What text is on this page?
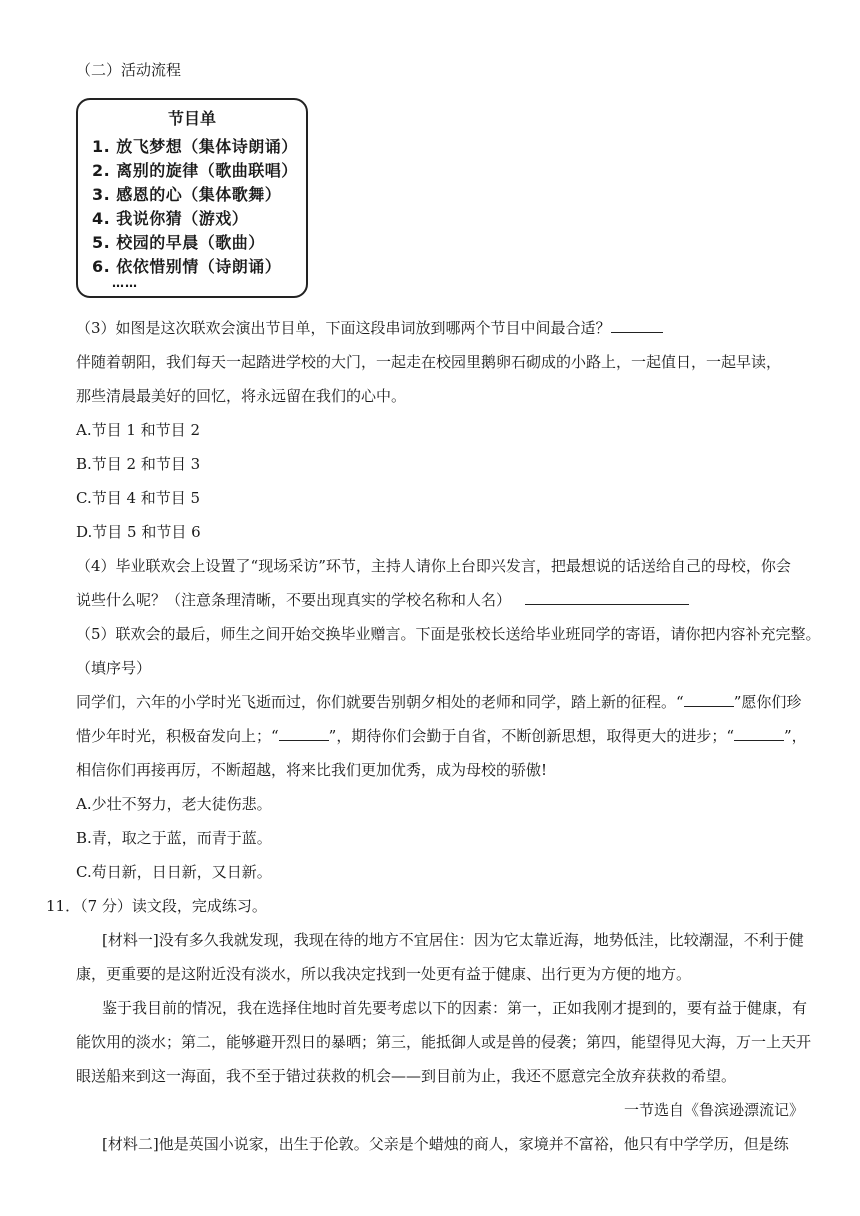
（二）活动流程
节目单
1. 放飞梦想（集体诗朗诵）
2. 离别的旋律（歌曲联唱）
3. 感恩的心（集体歌舞）
4. 我说你猜（游戏）
5. 校园的早晨（歌曲）
6. 依依惜别情（诗朗诵）
……
（3）如图是这次联欢会演出节目单，下面这段串词放到哪两个节目中间最合适？
伴随着朝阳，我们每天一起踏进学校的大门，一起走在校园里鹅卵石砌成的小路上，一起值日，一起早读，
那些清晨最美好的回忆，将永远留在我们的心中。
A.节目 1 和节目 2
B.节目 2 和节目 3
C.节目 4 和节目 5
D.节目 5 和节目 6
（4）毕业联欢会上设置了“现场采访”环节，主持人请你上台即兴发言，把最想说的话送给自己的母校，你会
说些什么呢？（注意条理清晰，不要出现真实的学校名称和人名）
（5）联欢会的最后，师生之间开始交换毕业赠言。下面是张校长送给毕业班同学的寄语，请你把内容补充完整。
（填序号）
同学们，六年的小学时光飞逝而过，你们就要告别朝夕相处的老师和同学，踏上新的征程。“	”愿你们珍
惜少年时光，积极奋发向上；“	”，期待你们会勤于自省，不断创新思想，取得更大的进步；“	”，
相信你们再接再厉，不断超越，将来比我们更加优秀，成为母校的骄傲!
A.少壮不努力，老大徒伤悲。
B.青，取之于蓝，而青于蓝。
C.苟日新，日日新，又日新。
11．（7 分）读文段，完成练习。
[材料一]没有多久我就发现，我现在待的地方不宜居住：因为它太靠近海，地势低洼，比较潮湿，不利于健
康，更重要的是这附近没有淡水，所以我决定找到一处更有益于健康、出行更为方便的地方。
鉴于我目前的情况，我在选择住地时首先要考虑以下的因素：第一，正如我刚才提到的，要有益于健康，有
能饮用的淡水；第二，能够避开烈日的暴晒；第三，能抵御人或是兽的侵袭；第四，能望得见大海，万一上天开
眼送船来到这一海面，我不至于错过获救的机会——到目前为止，我还不愿意完全放弃获救的希望。
一节选自《鲁滨逊漂流记》
[材料二]他是英国小说家，出生于伦敦。父亲是个蜡烛的商人，家境并不富裕，他只有中学学历，但是练
